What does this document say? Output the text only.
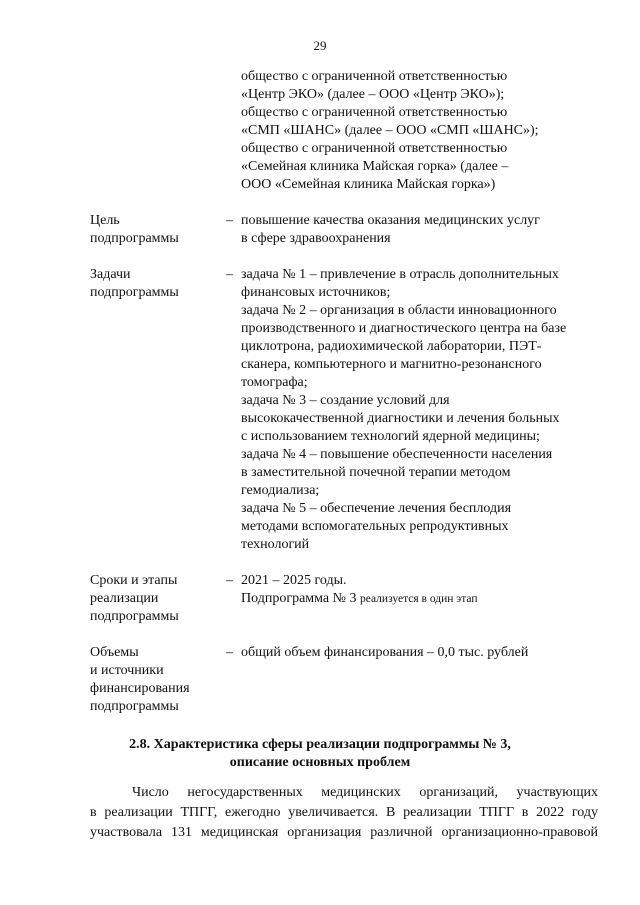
29
общество с ограниченной ответственностью
«Центр ЭКО» (далее – ООО «Центр ЭКО»);
общество с ограниченной ответственностью
«СМП «ШАНС» (далее – ООО «СМП «ШАНС»);
общество с ограниченной ответственностью
«Семейная клиника Майская горка» (далее –
ООО «Семейная клиника Майская горка»)
Цель
подпрограммы
– повышение качества оказания медицинских услуг
в сфере здравоохранения
Задачи
подпрограммы
– задача № 1 – привлечение в отрасль дополнительных
финансовых источников;
задача № 2 – организация в области инновационного
производственного и диагностического центра на базе
циклотрона, радиохимической лаборатории, ПЭТ-
сканера, компьютерного и магнитно-резонансного
томографа;
задача № 3 – создание условий для
высококачественной диагностики и лечения больных
с использованием технологий ядерной медицины;
задача № 4 – повышение обеспеченности населения
в заместительной почечной терапии методом
гемодиализа;
задача № 5 – обеспечение лечения бесплодия
методами вспомогательных репродуктивных
технологий
Сроки и этапы
реализации
подпрограммы
– 2021 – 2025 годы.
Подпрограмма № 3 реализуется в один этап
Объемы
и источники
финансирования
подпрограммы
– общий объем финансирования – 0,0 тыс. рублей
2.8. Характеристика сферы реализации подпрограммы № 3,
описание основных проблем
Число негосударственных медицинских организаций, участвующих
в реализации ТПГГ, ежегодно увеличивается. В реализации ТПГГ в 2022 году
участвовала 131 медицинская организация различной организационно-правовой
